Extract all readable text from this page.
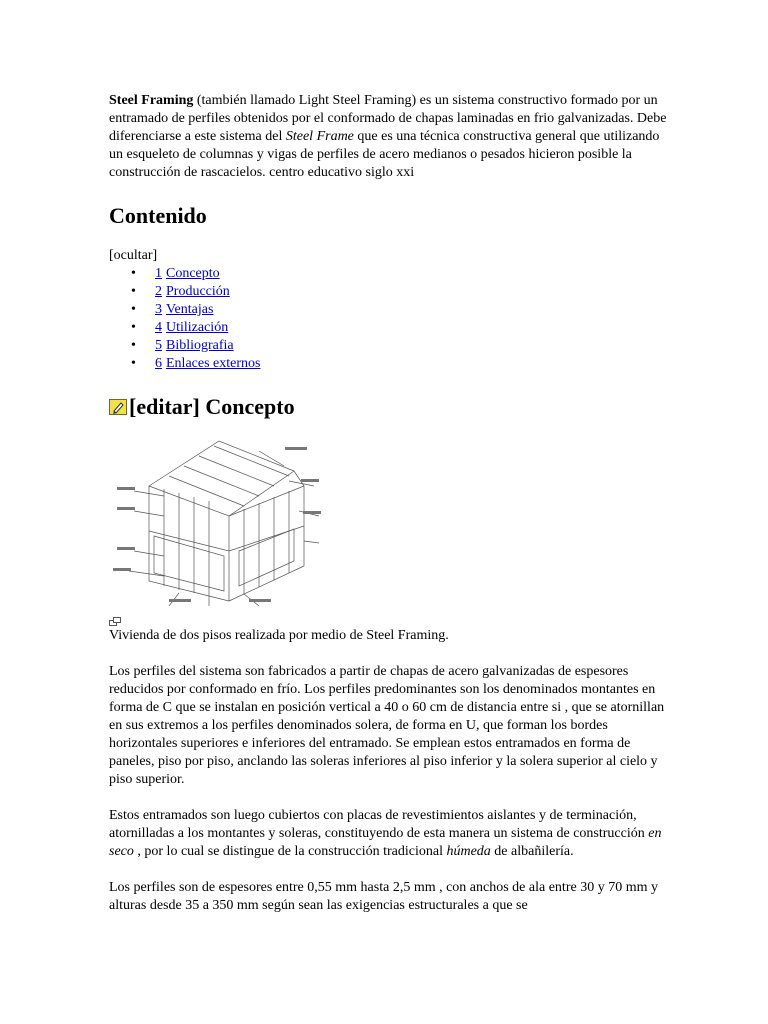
Steel Framing (también llamado Light Steel Framing) es un sistema constructivo formado por un entramado de perfiles obtenidos por el conformado de chapas laminadas en frio galvanizadas. Debe diferenciarse a este sistema del Steel Frame que es una técnica constructiva general que utilizando un esqueleto de columnas y vigas de perfiles de acero medianos o pesados hicieron posible la construcción de rascacielos. centro educativo siglo xxi

Contenido
[ocultar]
• 1 Concepto
• 2 Producción
• 3 Ventajas
• 4 Utilización
• 5 Bibliografia
• 6 Enlaces externos
[editar]
Concepto

Vivienda de dos pisos realizada por medio de Steel Framing.

Los perfiles del sistema son fabricados a partir de chapas de acero galvanizadas de espesores reducidos por conformado en frío. Los perfiles predominantes son los denominados montantes en forma de C que se instalan en posición vertical a 40 o 60 cm de distancia entre si , que se atornillan en sus extremos a los perfiles denominados solera, de forma en U, que forman los bordes horizontales superiores e inferiores del entramado. Se emplean estos entramados en forma de paneles, piso por piso, anclando las soleras inferiores al piso inferior y la solera superior al cielo y piso superior.

Estos entramados son luego cubiertos con placas de revestimientos aislantes y de terminación, atornilladas a los montantes y soleras, constituyendo de esta manera un sistema de construcción en seco , por lo cual se distingue de la construcción tradicional húmeda de albañilería.

Los perfiles son de espesores entre 0,55 mm hasta 2,5 mm , con anchos de ala entre 30 y 70 mm y alturas desde 35 a 350 mm según sean las exigencias estructurales a que se
